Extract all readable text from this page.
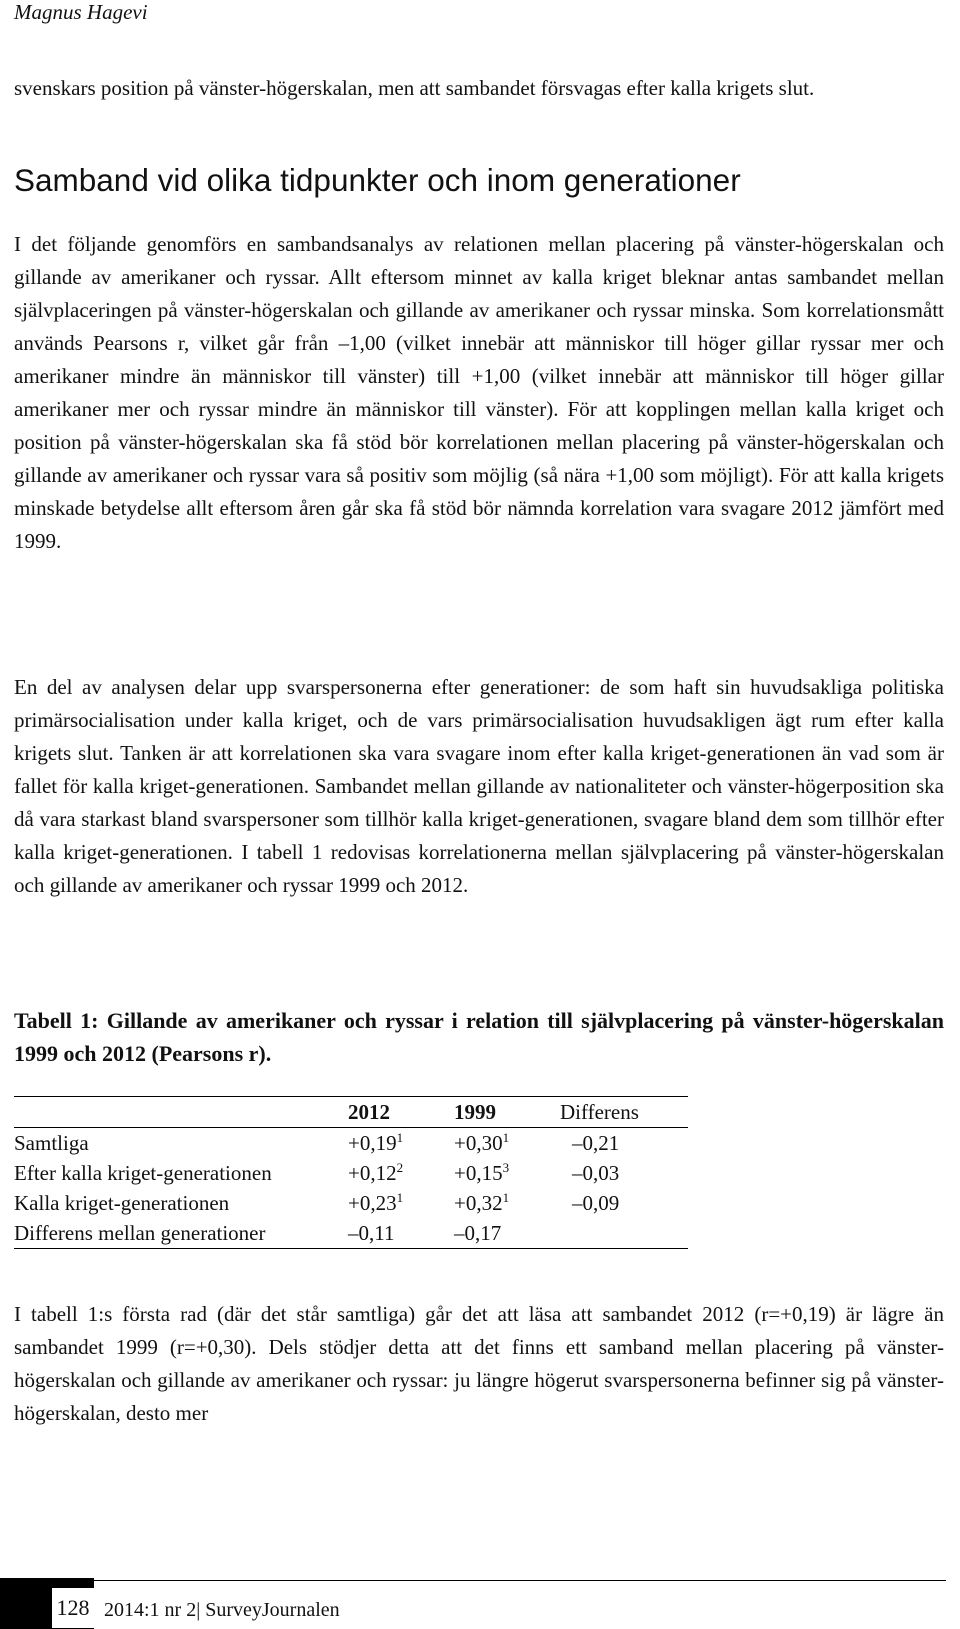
Magnus Hagevi

svenskars position på vänster-högerskalan, men att sambandet försvagas efter kalla krigets slut.

Samband vid olika tidpunkter och inom generationer

I det följande genomförs en sambandsanalys av relationen mellan placering på vänster-högerskalan och gillande av amerikaner och ryssar. Allt eftersom minnet av kalla kriget bleknar antas sambandet mellan självplaceringen på vänster-högerskalan och gillande av amerikaner och ryssar minska. Som korrelationsmått används Pearsons r, vilket går från –1,00 (vilket innebär att människor till höger gillar ryssar mer och amerikaner mindre än människor till vänster) till +1,00 (vilket innebär att människor till höger gillar amerikaner mer och ryssar mindre än människor till vänster). För att kopplingen mellan kalla kriget och position på vänster-högerskalan ska få stöd bör korrelationen mellan placering på vänster-högerskalan och gillande av amerikaner och ryssar vara så positiv som möjlig (så nära +1,00 som möjligt). För att kalla krigets minskade betydelse allt eftersom åren går ska få stöd bör nämnda korrelation vara svagare 2012 jämfört med 1999.

En del av analysen delar upp svarspersonerna efter generationer: de som haft sin huvudsakliga politiska primärsocialisation under kalla kriget, och de vars primärsocialisation huvudsakligen ägt rum efter kalla krigets slut. Tanken är att korrelationen ska vara svagare inom efter kalla kriget-generationen än vad som är fallet för kalla kriget-generationen. Sambandet mellan gillande av nationaliteter och vänster-högerposition ska då vara starkast bland svarspersoner som tillhör kalla kriget-generationen, svagare bland dem som tillhör efter kalla kriget-generationen. I tabell 1 redovisas korrelationerna mellan självplacering på vänster-högerskalan och gillande av amerikaner och ryssar 1999 och 2012.

Tabell 1: Gillande av amerikaner och ryssar i relation till självplacering på vänster-högerskalan 1999 och 2012 (Pearsons r).
	2012	1999	Differens
Samtliga	$+0,19^1$	$+0,30^1$	–0,21
Efter kalla kriget-generationen	$+0,12^2$	$+0,15^3$	–0,03
Kalla kriget-generationen	$+0,23^1$	$+0,32^1$	–0,09
Differens mellan generationer	–0,11	–0,17	

I tabell 1:s första rad (där det står samtliga) går det att läsa att sambandet 2012 (r=+0,19) är lägre än sambandet 1999 (r=+0,30). Dels stödjer detta att det finns ett samband mellan placering på vänster-högerskalan och gillande av amerikaner och ryssar: ju längre högerut svarspersonerna befinner sig på vänster-högerskalan, desto mer

128 2014:1 nr 2| SurveyJournalen
